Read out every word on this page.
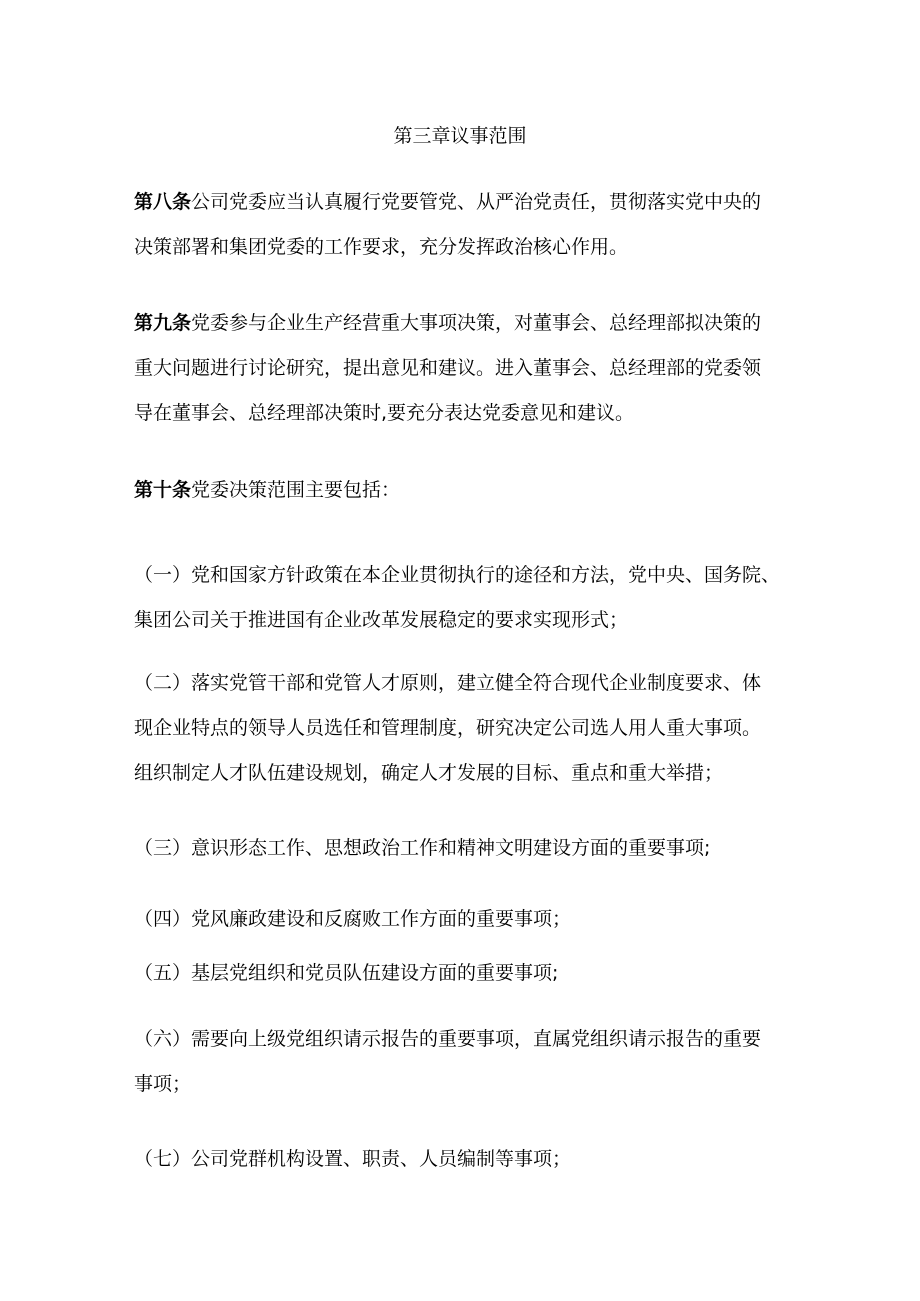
第三章议事范围

第八条公司党委应当认真履行党要管党、从严治党责任，贯彻落实党中央的
决策部署和集团党委的工作要求，充分发挥政治核心作用。

第九条党委参与企业生产经营重大事项决策，对董事会、总经理部拟决策的
重大问题进行讨论研究，提出意见和建议。进入董事会、总经理部的党委领
导在董事会、总经理部决策时,要充分表达党委意见和建议。

第十条党委决策范围主要包括：

（一）党和国家方针政策在本企业贯彻执行的途径和方法，党中央、国务院、
集团公司关于推进国有企业改革发展稳定的要求实现形式；

（二）落实党管干部和党管人才原则，建立健全符合现代企业制度要求、体
现企业特点的领导人员选任和管理制度，研究决定公司选人用人重大事项。
组织制定人才队伍建设规划，确定人才发展的目标、重点和重大举措；

（三）意识形态工作、思想政治工作和精神文明建设方面的重要事项;

（四）党风廉政建设和反腐败工作方面的重要事项；

（五）基层党组织和党员队伍建设方面的重要事项;

（六）需要向上级党组织请示报告的重要事项，直属党组织请示报告的重要
事项；

（七）公司党群机构设置、职责、人员编制等事项；
